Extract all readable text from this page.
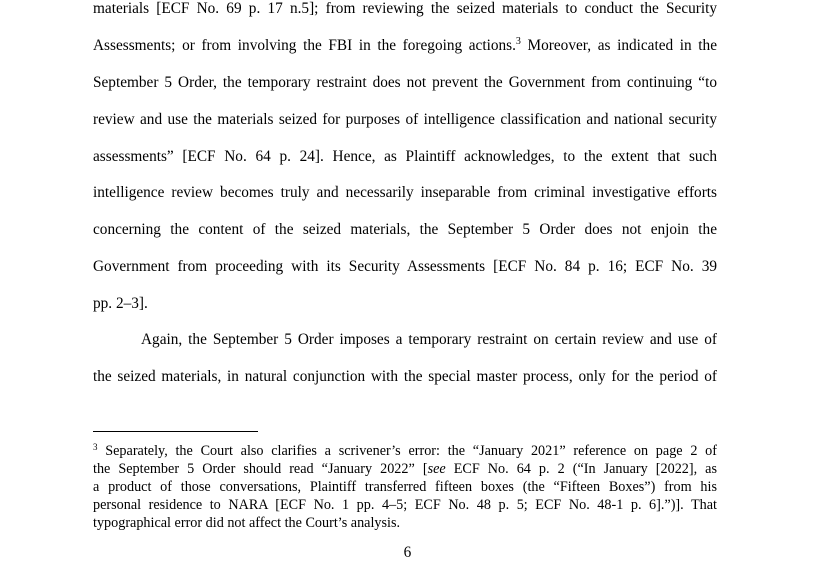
materials [ECF No. 69 p. 17 n.5]; from reviewing the seized materials to conduct the Security
Assessments; or from involving the FBI in the foregoing actions.$^3$ Moreover, as indicated in the
September 5 Order, the temporary restraint does not prevent the Government from continuing “to
review and use the materials seized for purposes of intelligence classification and national security
assessments” [ECF No. 64 p. 24]. Hence, as Plaintiff acknowledges, to the extent that such
intelligence review becomes truly and necessarily inseparable from criminal investigative efforts
concerning the content of the seized materials, the September 5 Order does not enjoin the
Government from proceeding with its Security Assessments [ECF No. 84 p. 16; ECF No. 39
pp. 2–3].
Again, the September 5 Order imposes a temporary restraint on certain review and use of
the seized materials, in natural conjunction with the special master process, only for the period of
$^3$ Separately, the Court also clarifies a scrivener’s error: the “January 2021” reference on page 2 of
the September 5 Order should read “January 2022” [see ECF No. 64 p. 2 (“In January [2022], as
a product of those conversations, Plaintiff transferred fifteen boxes (the “Fifteen Boxes”) from his
personal residence to NARA [ECF No. 1 pp. 4–5; ECF No. 48 p. 5; ECF No. 48-1 p. 6].”)]. That
typographical error did not affect the Court’s analysis.
6
